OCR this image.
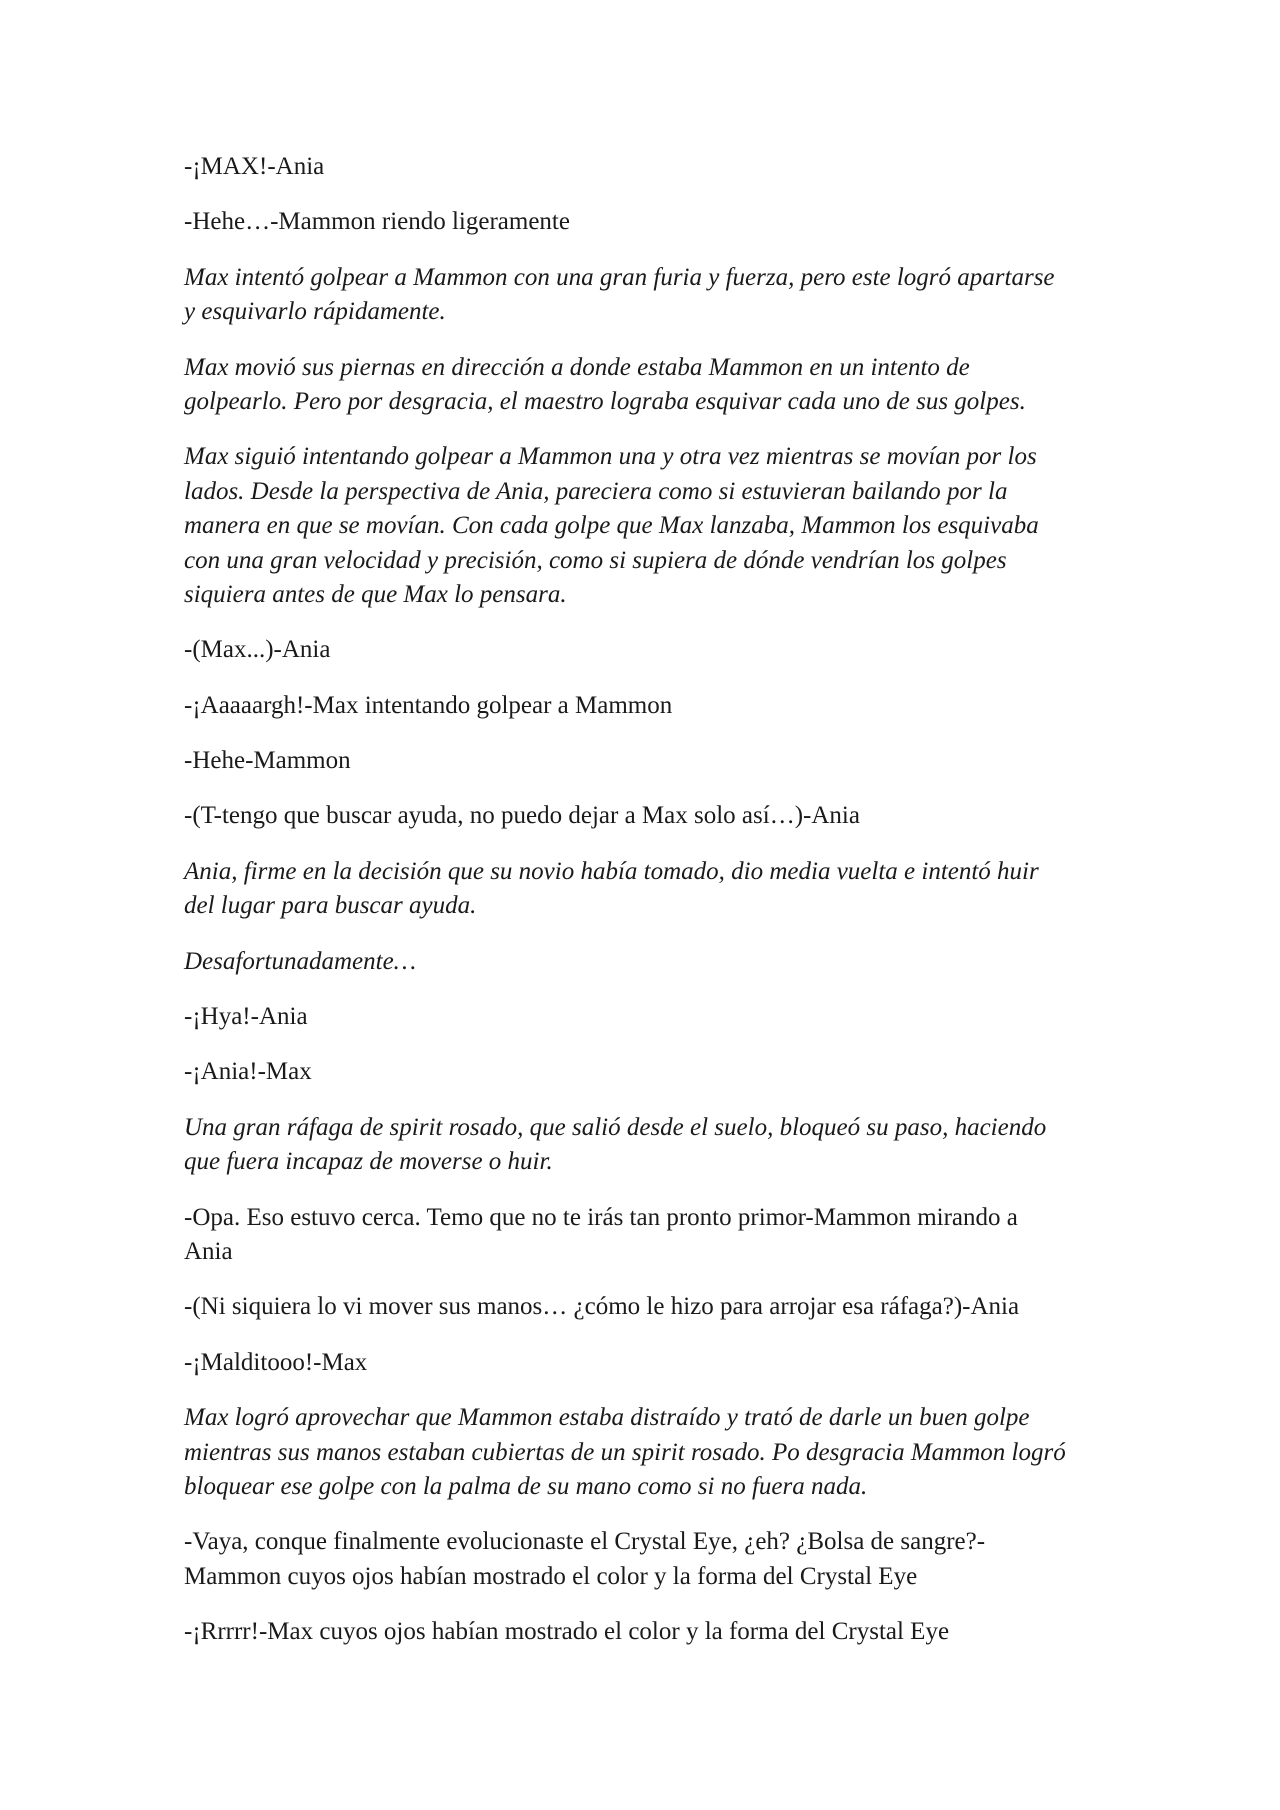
-¡MAX!-Ania
-Hehe…-Mammon riendo ligeramente
Max intentó golpear a Mammon con una gran furia y fuerza, pero este logró apartarse
y esquivarlo rápidamente.
Max movió sus piernas en dirección a donde estaba Mammon en un intento de
golpearlo. Pero por desgracia, el maestro lograba esquivar cada uno de sus golpes.
Max siguió intentando golpear a Mammon una y otra vez mientras se movían por los
lados. Desde la perspectiva de Ania, pareciera como si estuvieran bailando por la
manera en que se movían. Con cada golpe que Max lanzaba, Mammon los esquivaba
con una gran velocidad y precisión, como si supiera de dónde vendrían los golpes
siquiera antes de que Max lo pensara.
-(Max...)-Ania
-¡Aaaaargh!-Max intentando golpear a Mammon
-Hehe-Mammon
-(T-tengo que buscar ayuda, no puedo dejar a Max solo así…)-Ania
Ania, firme en la decisión que su novio había tomado, dio media vuelta e intentó huir
del lugar para buscar ayuda.
Desafortunadamente…
-¡Hya!-Ania
-¡Ania!-Max
Una gran ráfaga de spirit rosado, que salió desde el suelo, bloqueó su paso, haciendo
que fuera incapaz de moverse o huir.
-Opa. Eso estuvo cerca. Temo que no te irás tan pronto primor-Mammon mirando a
Ania
-(Ni siquiera lo vi mover sus manos… ¿cómo le hizo para arrojar esa ráfaga?)-Ania
-¡Malditooo!-Max
Max logró aprovechar que Mammon estaba distraído y trató de darle un buen golpe
mientras sus manos estaban cubiertas de un spirit rosado. Po desgracia Mammon logró
bloquear ese golpe con la palma de su mano como si no fuera nada.
-Vaya, conque finalmente evolucionaste el Crystal Eye, ¿eh? ¿Bolsa de sangre?-
Mammon cuyos ojos habían mostrado el color y la forma del Crystal Eye
-¡Rrrrr!-Max cuyos ojos habían mostrado el color y la forma del Crystal Eye
